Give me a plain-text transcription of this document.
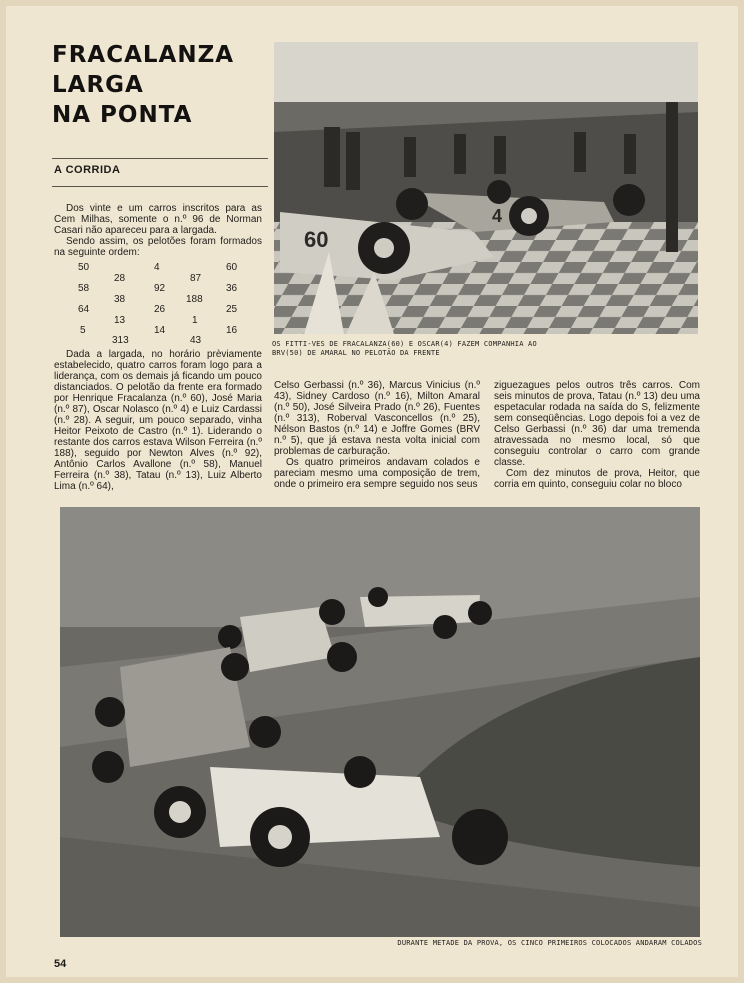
FRACALANZA
LARGA
NA PONTA
A CORRIDA

Dos vinte e um carros inscritos para as Cem Milhas, somente o n.º 96 de Norman Casari não apareceu para a largada.

Sendo assim, os pelotões foram formados na seguinte ordem:

50	4	60
28	87
58	92	36
38	188
64	26	25
13	1
5	14	16
313	43
60
4
OS FITTI-VES DE FRACALANZA(60) E OSCAR(4) FAZEM COMPANHIA AO BRV(50) DE AMARAL NO PELOTÃO DA FRENTE

Dada a largada, no horário prèviamente estabelecido, quatro carros foram logo para a liderança, com os demais já ficando um pouco distanciados. O pelotão da frente era formado por Henrique Fracalanza (n.º 60), José Maria (n.º 87), Oscar Nolasco (n.º 4) e Luiz Cardassi (n.º 28). A seguir, um pouco separado, vinha Heitor Peixoto de Castro (n.º 1). Liderando o restante dos carros estava Wilson Ferreira (n.º 188), seguido por Newton Alves (n.º 92), Antônio Carlos Avallone (n.º 58), Manuel Ferreira (n.º 38), Tatau (n.º 13), Luiz Alberto Lima (n.º 64),

Celso Gerbassi (n.º 36), Marcus Vinicius (n.º 43), Sidney Cardoso (n.º 16), Milton Amaral (n.º 50), José Silveira Prado (n.º 26), Fuentes (n.º 313), Roberval Vasconcellos (n.º 25), Nélson Bastos (n.º 14) e Joffre Gomes (BRV n.º 5), que já estava nesta volta inicial com problemas de carburação.

Os quatro primeiros andavam colados e pareciam mesmo uma composição de trem, onde o primeiro era sempre seguido nos seus

ziguezagues pelos outros três carros. Com seis minutos de prova, Tatau (n.º 13) deu uma espetacular rodada na saída do S, felizmente sem conseqüências. Logo depois foi a vez de Celso Gerbassi (n.º 36) dar uma tremenda atravessada no mesmo local, só que conseguiu controlar o carro com grande classe.

Com dez minutos de prova, Heitor, que corria em quinto, conseguiu colar no bloco

DURANTE METADE DA PROVA, OS CINCO PRIMEIROS COLOCADOS ANDARAM COLADOS
54
